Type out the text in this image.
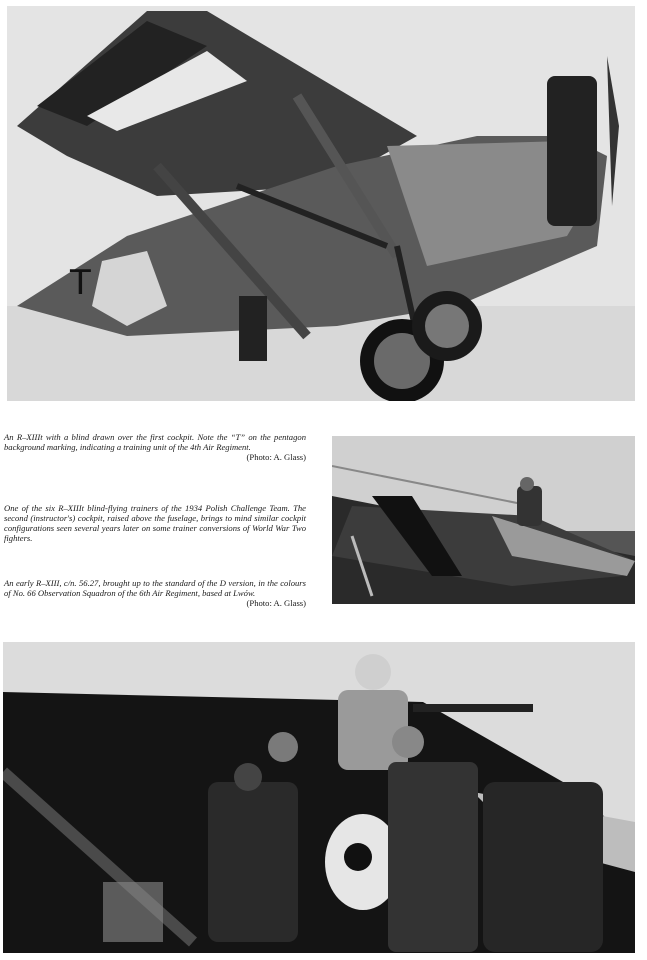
T
An R–XIIIt with a blind drawn over the first cockpit. Note the “T” on the pentagon background marking, indicating a training unit of the 4th Air Regiment.
(Photo: A. Glass)
One of the six R–XIIIt blind-flying trainers of the 1934 Polish Challenge Team. The second (instructor's) cockpit, raised above the fuselage, brings to mind similar cockpit configurations seen several years later on some trainer conversions of World War Two fighters.
An early R–XIII, c/n. 56.27, brought up to the standard of the D version, in the colours of No. 66 Observation Squadron of the 6th Air Regiment, based at Lwów.
(Photo: A. Glass)
